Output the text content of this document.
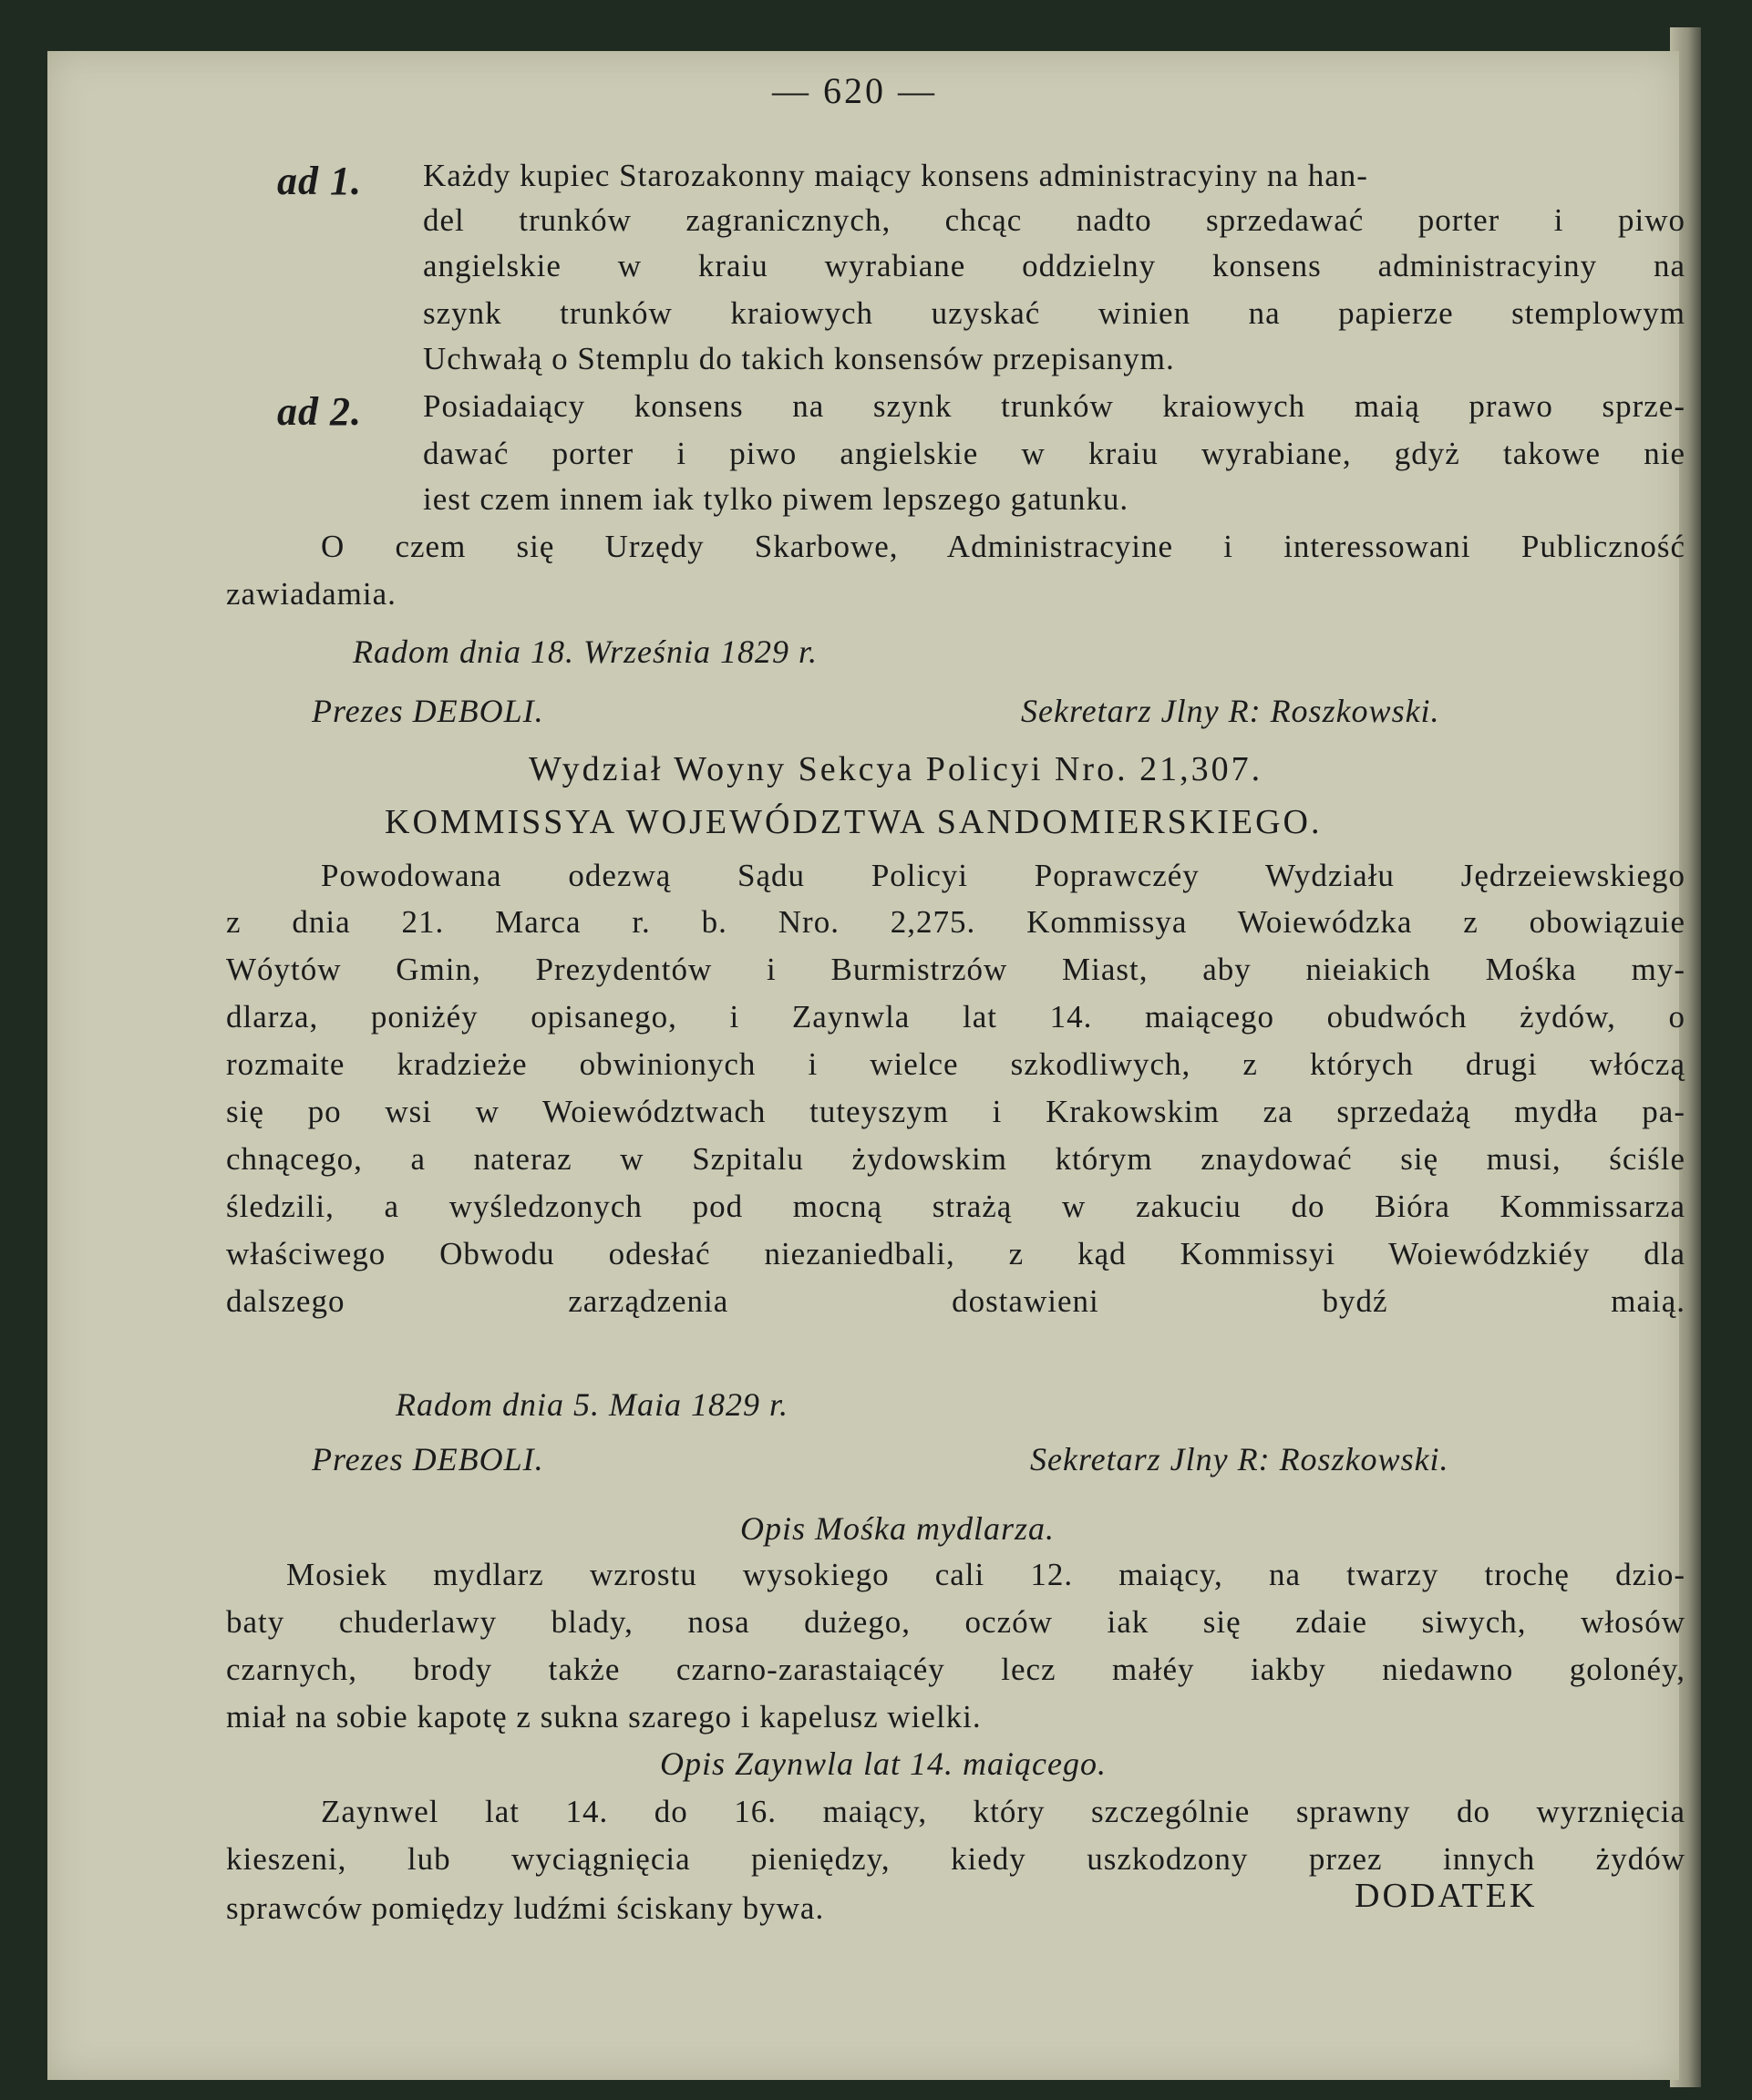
— 620 —
ad 1. Każdy kupiec Starozakonny maiący konsens administracyiny na han-
del trunków zagranicznych, chcąc nadto sprzedawać porter i piwo
angielskie w kraiu wyrabiane oddzielny konsens administracyiny na
szynk trunków kraiowych uzyskać winien na papierze stemplowym
Uchwałą o Stemplu do takich konsensów przepisanym.
ad 2. Posiadaiący konsens na szynk trunków kraiowych maią prawo sprze-
dawać porter i piwo angielskie w kraiu wyrabiane, gdyż takowe nie
iest czem innem iak tylko piwem lepszego gatunku.
O czem się Urzędy Skarbowe, Administracyine i interessowani Publiczność
zawiadamia.
Radom dnia 18. Września 1829 r.
Prezes DEBOLI.	Sekretarz Jlny R: Roszkowski.
Wydział Woyny Sekcya Policyi Nro. 21,307.
KOMMISSYA WOJEWÓDZTWA SANDOMIERSKIEGO.
Powodowana odezwą Sądu Policyi Poprawczéy Wydziału Jędrzeiewskiego
z dnia 21. Marca r. b. Nro. 2,275. Kommissya Woiewódzka z obowiązuie
Wóytów Gmin, Prezydentów i Burmistrzów Miast, aby nieiakich Mośka my-
dlarza, poniżéy opisanego, i Zaynwla lat 14. maiącego obudwóch żydów, o
rozmaite kradzieże obwinionych i wielce szkodliwych, z których drugi włóczą
się po wsi w Woiewództwach tuteyszym i Krakowskim za sprzedażą mydła pa-
chnącego, a nateraz w Szpitalu żydowskim którym znaydować się musi, ściśle
śledzili, a wyśledzonych pod mocną strażą w zakuciu do Bióra Kommissarza
właściwego Obwodu odesłać niezaniedbali, z kąd Kommissyi Woiewódzkiéy dla
dalszego zarządzenia dostawieni bydź maią.
Radom dnia 5. Maia 1829 r.
Prezes DEBOLI.	Sekretarz Jlny R: Roszkowski.
Opis Mośka mydlarza.
Mosiek mydlarz wzrostu wysokiego cali 12. maiący, na twarzy trochę dzio-
baty chuderlawy blady, nosa dużego, oczów iak się zdaie siwych, włosów
czarnych, brody także czarno-zarastaiącéy lecz małéy iakby niedawno golonéy,
miał na sobie kapotę z sukna szarego i kapelusz wielki.
Opis Zaynwla lat 14. maiącego.
Zaynwel lat 14. do 16. maiący, który szczególnie sprawny do wyrznięcia
kieszeni, lub wyciągnięcia pieniędzy, kiedy uszkodzony przez innych żydów
sprawców pomiędzy ludźmi ściskany bywa.	DODATEK
